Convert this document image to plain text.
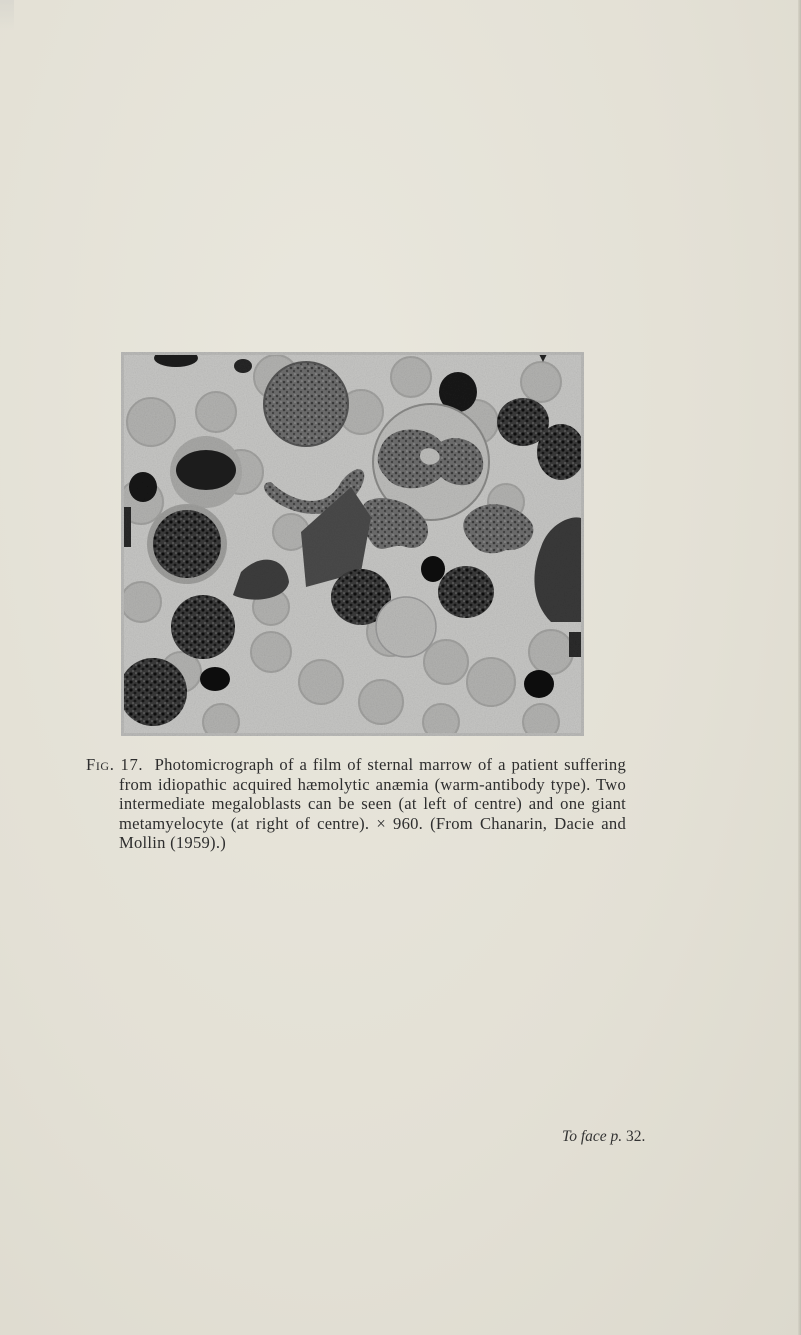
Fig. 17. Photomicrograph of a film of sternal marrow of a patient suffering from idiopathic acquired hæmolytic anæmia (warm-antibody type). Two intermediate megaloblasts can be seen (at left of centre) and one giant metamyelocyte (at right of centre). × 960. (From Chanarin, Dacie and Mollin (1959).)

To face p. 32.
